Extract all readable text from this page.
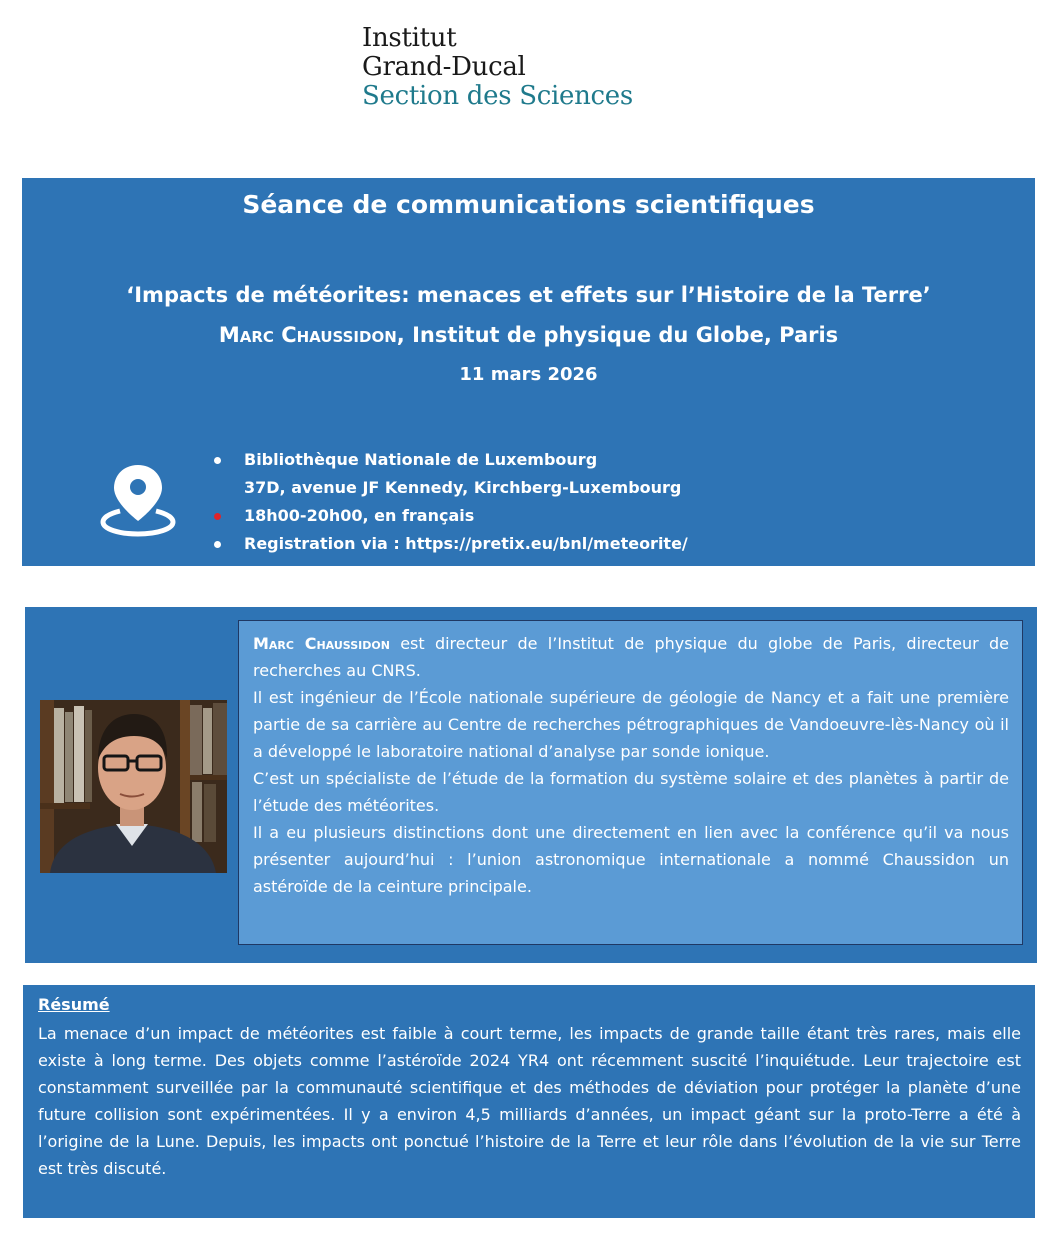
Institut
Grand-Ducal
Section des Sciences
Séance de communications scientifiques
‘Impacts de météorites: menaces et effets sur l’Histoire de la Terre’
Marc Chaussidon, Institut de physique du Globe, Paris
11 mars 2026
Bibliothèque Nationale de Luxembourg
37D, avenue JF Kennedy, Kirchberg-Luxembourg
18h00-20h00, en français
Registration via : https://pretix.eu/bnl/meteorite/

Marc Chaussidon est directeur de l’Institut de physique du globe de Paris, directeur de recherches au CNRS.

Il est ingénieur de l’École nationale supérieure de géologie de Nancy et a fait une première partie de sa carrière au Centre de recherches pétrographiques de Vandoeuvre-lès-Nancy où il a développé le laboratoire national d’analyse par sonde ionique.

C’est un spécialiste de l’étude de la formation du système solaire et des planètes à partir de l’étude des météorites.

Il a eu plusieurs distinctions dont une directement en lien avec la conférence qu’il va nous présenter aujourd’hui : l’union astronomique internationale a nommé Chaussidon un astéroïde de la ceinture principale.

Résumé

La menace d’un impact de météorites est faible à court terme, les impacts de grande taille étant très rares, mais elle existe à long terme. Des objets comme l’astéroïde 2024 YR4 ont récemment suscité l’inquiétude. Leur trajectoire est constamment surveillée par la communauté scientifique et des méthodes de déviation pour protéger la planète d’une future collision sont expérimentées. Il y a environ 4,5 milliards d’années, un impact géant sur la proto-Terre a été à l’origine de la Lune. Depuis, les impacts ont ponctué l’histoire de la Terre et leur rôle dans l’évolution de la vie sur Terre est très discuté.
